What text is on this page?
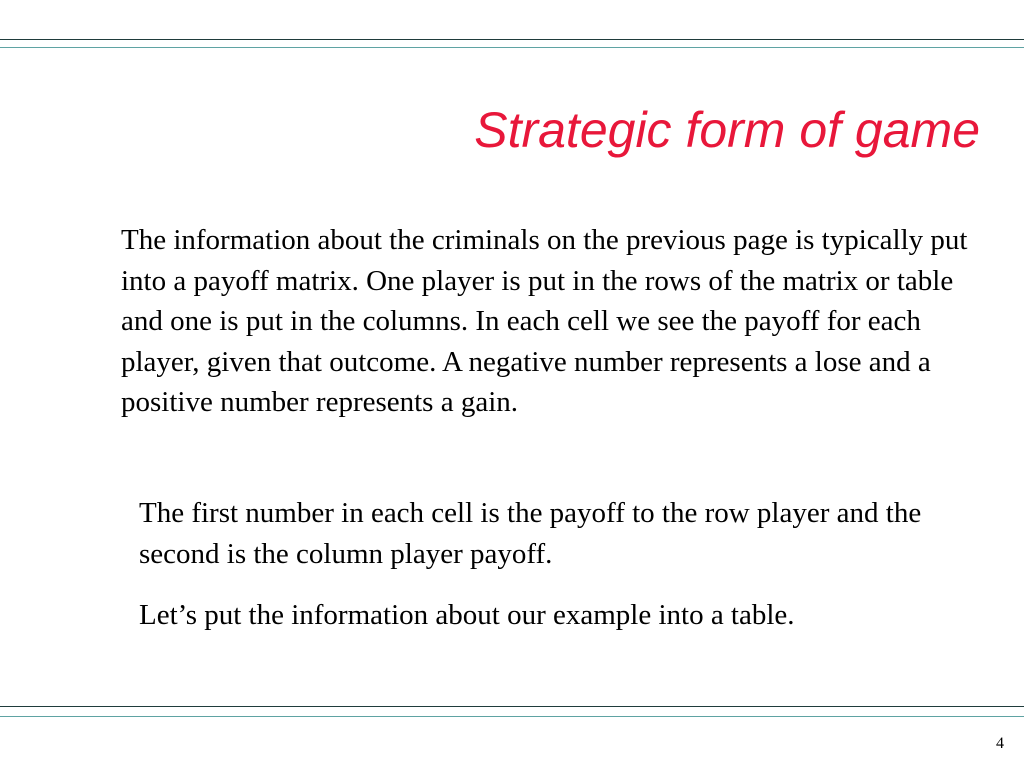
Strategic form of game

The information about the criminals on the previous page is typically put into a payoff matrix. One player is put in the rows of the matrix or table and one is put in the columns. In each cell we see the payoff for each player, given that outcome. A negative number represents a lose and a positive number represents a gain.

The first number in each cell is the payoff to the row player and the second is the column player payoff.

Let’s put the information about our example into a table.

4
